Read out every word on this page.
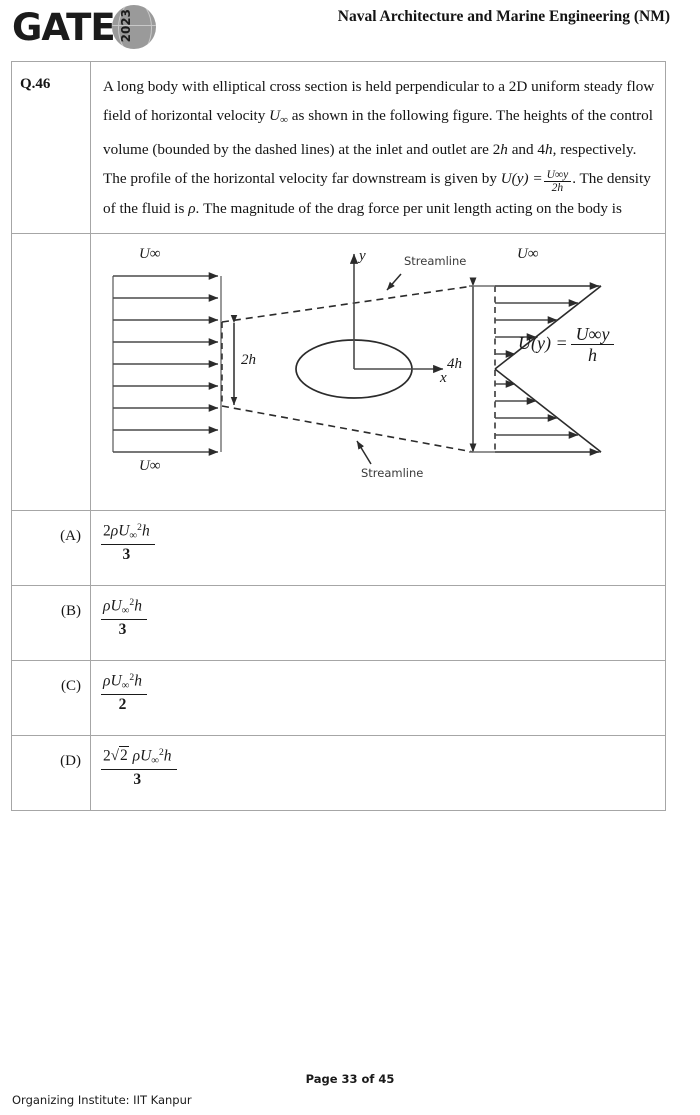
GATE 2023	Naval Architecture and Marine Engineering (NM)
Q.46	A long body with elliptical cross section is held perpendicular to a 2D uniform steady flow field of horizontal velocity $U_\infty$ as shown in the following figure. The heights of the control volume (bounded by the dashed lines) at the inlet and outlet are 2h and 4h, respectively. The profile of the horizontal velocity far downstream is given by $U(y) = \frac{U\infty y}{2h}$ . The density of the fluid is ρ. The magnitude of the drag force per unit length acting on the body is
U∞
U∞
2h	4h
y
x
U∞
Streamline
Streamline
$U(y) = \frac{U\infty y}{h}$
(A)	$\frac{2\rho U_\infty^2h}{3}$
(B)	$\frac{\rho U_\infty^2h}{3}$
(C)	$\frac{\rho U_\infty^2h}{2}$
(D)	$\frac{2√2 \rho U_\infty^2h}{3}$
Page 33 of 45
Organizing Institute: IIT Kanpur
